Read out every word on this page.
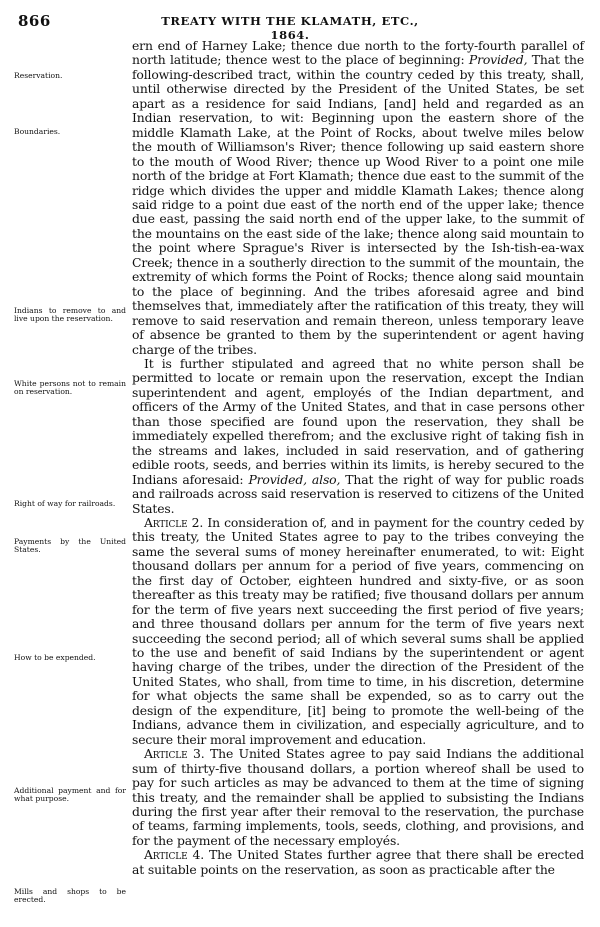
866	TREATY WITH THE KLAMATH, ETC., 1864.
Reservation.
Boundaries.
Indians to remove to and live upon the reservation.
White persons not to remain on reservation.
Right of way for railroads.
Payments by the United States.
How to be expended.
Additional payment and for what purpose.
Mills and shops to be erected.

ern end of Harney Lake; thence due north to the forty-fourth parallel of north latitude; thence west to the place of beginning: Provided, That the following-described tract, within the country ceded by this treaty, shall, until otherwise directed by the President of the United States, be set apart as a residence for said Indians, [and] held and regarded as an Indian reservation, to wit: Beginning upon the eastern shore of the middle Klamath Lake, at the Point of Rocks, about twelve miles below the mouth of Williamson's River; thence following up said eastern shore to the mouth of Wood River; thence up Wood River to a point one mile north of the bridge at Fort Klamath; thence due east to the summit of the ridge which divides the upper and middle Klamath Lakes; thence along said ridge to a point due east of the north end of the upper lake; thence due east, passing the said north end of the upper lake, to the summit of the mountains on the east side of the lake; thence along said mountain to the point where Sprague's River is intersected by the Ish-tish-ea-wax Creek; thence in a southerly direction to the summit of the mountain, the extremity of which forms the Point of Rocks; thence along said mountain to the place of beginning. And the tribes aforesaid agree and bind themselves that, immediately after the ratification of this treaty, they will remove to said reservation and remain thereon, unless temporary leave of absence be granted to them by the superintendent or agent having charge of the tribes.

It is further stipulated and agreed that no white person shall be permitted to locate or remain upon the reservation, except the Indian superintendent and agent, employés of the Indian department, and officers of the Army of the United States, and that in case persons other than those specified are found upon the reservation, they shall be immediately expelled therefrom; and the exclusive right of taking fish in the streams and lakes, included in said reservation, and of gathering edible roots, seeds, and berries within its limits, is hereby secured to the Indians aforesaid: Provided, also, That the right of way for public roads and railroads across said reservation is reserved to citizens of the United States.

Article 2. In consideration of, and in payment for the country ceded by this treaty, the United States agree to pay to the tribes conveying the same the several sums of money hereinafter enumerated, to wit: Eight thousand dollars per annum for a period of five years, commencing on the first day of October, eighteen hundred and sixty-five, or as soon thereafter as this treaty may be ratified; five thousand dollars per annum for the term of five years next succeeding the first period of five years; and three thousand dollars per annum for the term of five years next succeeding the second period; all of which several sums shall be applied to the use and benefit of said Indians by the superintendent or agent having charge of the tribes, under the direction of the President of the United States, who shall, from time to time, in his discretion, determine for what objects the same shall be expended, so as to carry out the design of the expenditure, [it] being to promote the well-being of the Indians, advance them in civilization, and especially agriculture, and to secure their moral improvement and education.

Article 3. The United States agree to pay said Indians the additional sum of thirty-five thousand dollars, a portion whereof shall be used to pay for such articles as may be advanced to them at the time of signing this treaty, and the remainder shall be applied to subsisting the Indians during the first year after their removal to the reservation, the purchase of teams, farming implements, tools, seeds, clothing, and provisions, and for the payment of the necessary employés.

Article 4. The United States further agree that there shall be erected at suitable points on the reservation, as soon as practicable after the
